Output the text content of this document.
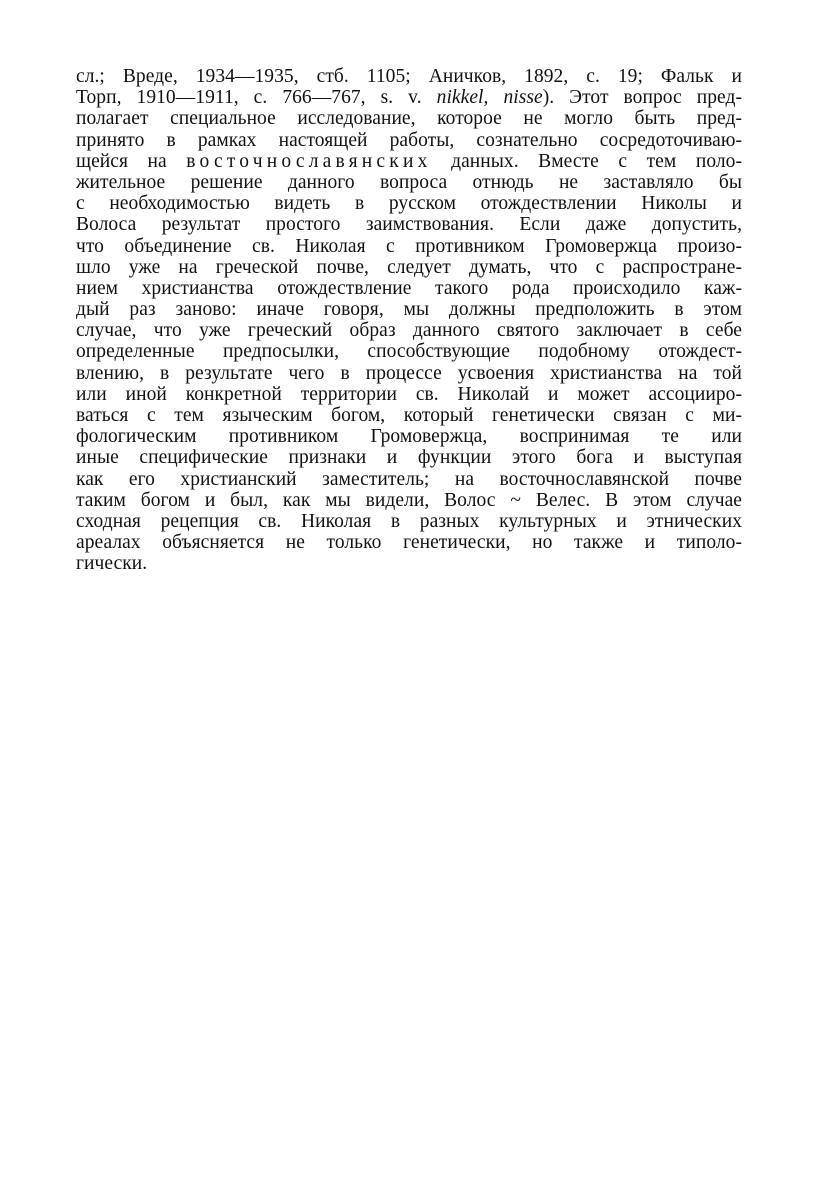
сл.; Вреде, 1934—1935, стб. 1105; Аничков, 1892, с. 19; Фальк и
Торп, 1910—1911, с. 766—767, s. v. nikkel, nisse). Этот вопрос пред-
полагает специальное исследование, которое не могло быть пред-
принято в рамках настоящей работы, сознательно сосредоточиваю-
щейся на восточнославянских данных. Вместе с тем поло-
жительное решение данного вопроса отнюдь не заставляло бы
с необходимостью видеть в русском отождествлении Николы и
Волоса результат простого заимствования. Если даже допустить,
что объединение св. Николая с противником Громовержца произо-
шло уже на греческой почве, следует думать, что с распростране-
нием христианства отождествление такого рода происходило каж-
дый раз заново: иначе говоря, мы должны предположить в этом
случае, что уже греческий образ данного святого заключает в себе
определенные предпосылки, способствующие подобному отождест-
влению, в результате чего в процессе усвоения христианства на той
или иной конкретной территории св. Николай и может ассоцииро-
ваться с тем языческим богом, который генетически связан с ми-
фологическим противником Громовержца, воспринимая те или
иные специфические признаки и функции этого бога и выступая
как его христианский заместитель; на восточнославянской почве
таким богом и был, как мы видели, Волос ~ Велес. В этом случае
сходная рецепция св. Николая в разных культурных и этнических
ареалах объясняется не только генетически, но также и типоло-
гически.
